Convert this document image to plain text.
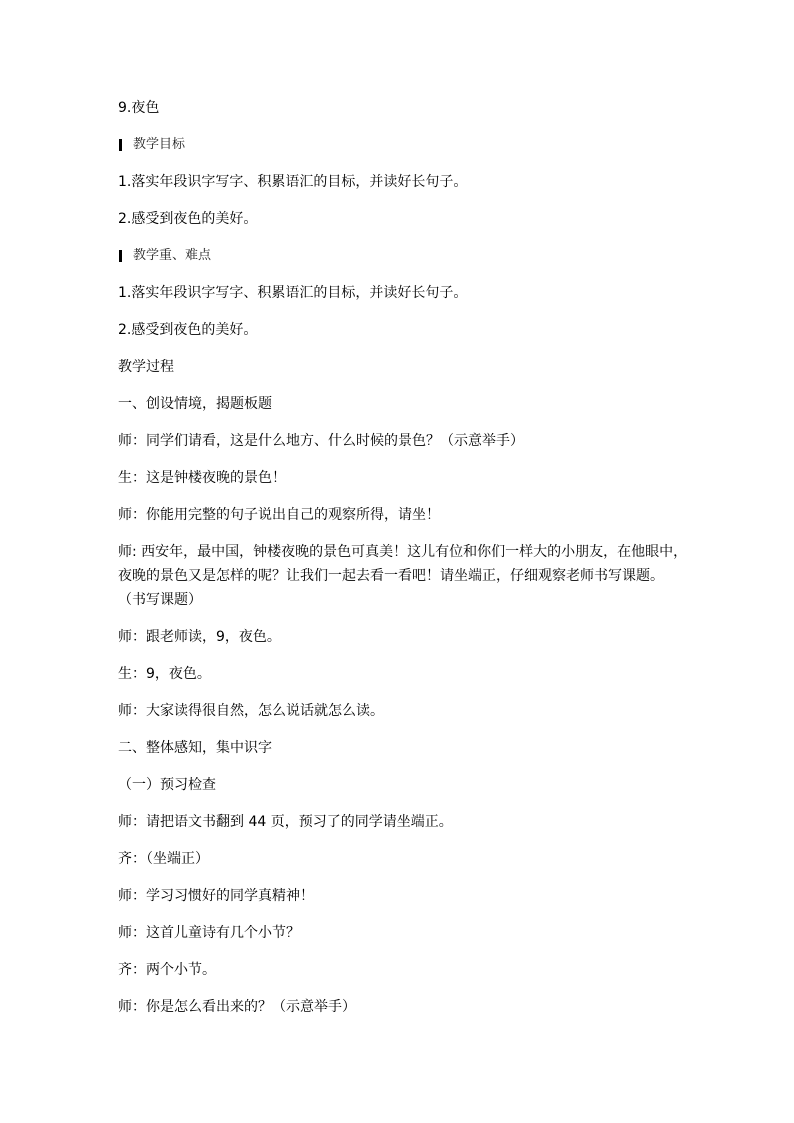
9.夜色

教学目标

1.落实年段识字写字、积累语汇的目标，并读好长句子。

2.感受到夜色的美好。

教学重、难点

1.落实年段识字写字、积累语汇的目标，并读好长句子。

2.感受到夜色的美好。

教学过程

一、创设情境，揭题板题

师：同学们请看，这是什么地方、什么时候的景色？（示意举手）

生：这是钟楼夜晚的景色！

师：你能用完整的句子说出自己的观察所得，请坐！

师: 西安年，最中国，钟楼夜晚的景色可真美！这儿有位和你们一样大的小朋友，在他眼中，

夜晚的景色又是怎样的呢？让我们一起去看一看吧！请坐端正，仔细观察老师书写课题。

（书写课题）

师：跟老师读，9，夜色。

生：9，夜色。

师：大家读得很自然，怎么说话就怎么读。

二、整体感知，集中识字

（一）预习检查

师：请把语文书翻到 44 页，预习了的同学请坐端正。

齐：（坐端正）

师：学习习惯好的同学真精神！

师：这首儿童诗有几个小节？

齐：两个小节。

师：你是怎么看出来的？（示意举手）
